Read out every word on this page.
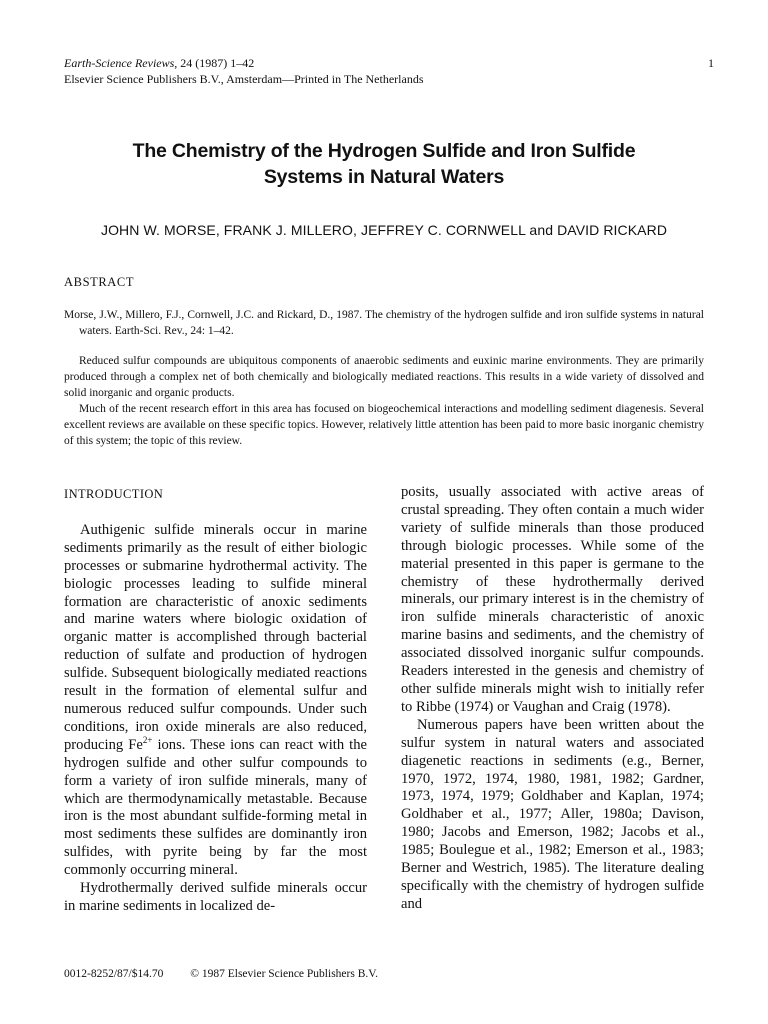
Earth-Science Reviews, 24 (1987) 1–42
Elsevier Science Publishers B.V., Amsterdam—Printed in The Netherlands
1
The Chemistry of the Hydrogen Sulfide and Iron Sulfide
Systems in Natural Waters
JOHN W. MORSE, FRANK J. MILLERO, JEFFREY C. CORNWELL and DAVID RICKARD
ABSTRACT
Morse, J.W., Millero, F.J., Cornwell, J.C. and Rickard, D., 1987. The chemistry of the hydrogen sulfide and iron sulfide systems in natural waters. Earth-Sci. Rev., 24: 1–42.

Reduced sulfur compounds are ubiquitous components of anaerobic sediments and euxinic marine environments. They are primarily produced through a complex net of both chemically and biologically mediated reactions. This results in a wide variety of dissolved and solid inorganic and organic products.

Much of the recent research effort in this area has focused on biogeochemical interactions and modelling sediment diagenesis. Several excellent reviews are available on these specific topics. However, relatively little attention has been paid to more basic inorganic chemistry of this system; the topic of this review.

INTRODUCTION

Authigenic sulfide minerals occur in marine sediments primarily as the result of either biologic processes or submarine hydrothermal activity. The biologic processes leading to sulfide mineral formation are characteristic of anoxic sediments and marine waters where biologic oxidation of organic matter is accomplished through bacterial reduction of sulfate and production of hydrogen sulfide. Subsequent biologically mediated reactions result in the formation of elemental sulfur and numerous reduced sulfur compounds. Under such conditions, iron oxide minerals are also reduced, producing $Fe^{2+}$ ions. These ions can react with the hydrogen sulfide and other sulfur compounds to form a variety of iron sulfide minerals, many of which are thermodynamically metastable. Because iron is the most abundant sulfide-forming metal in most sediments these sulfides are dominantly iron sulfides, with pyrite being by far the most commonly occurring mineral.

Hydrothermally derived sulfide minerals occur in marine sediments in localized de-

posits, usually associated with active areas of crustal spreading. They often contain a much wider variety of sulfide minerals than those produced through biologic processes. While some of the material presented in this paper is germane to the chemistry of these hydrothermally derived minerals, our primary interest is in the chemistry of iron sulfide minerals characteristic of anoxic marine basins and sediments, and the chemistry of associated dissolved inorganic sulfur compounds. Readers interested in the genesis and chemistry of other sulfide minerals might wish to initially refer to Ribbe (1974) or Vaughan and Craig (1978).

Numerous papers have been written about the sulfur system in natural waters and associated diagenetic reactions in sediments (e.g., Berner, 1970, 1972, 1974, 1980, 1981, 1982; Gardner, 1973, 1974, 1979; Goldhaber and Kaplan, 1974; Goldhaber et al., 1977; Aller, 1980a; Davison, 1980; Jacobs and Emerson, 1982; Jacobs et al., 1985; Boulegue et al., 1982; Emerson et al., 1983; Berner and Westrich, 1985). The literature dealing specifically with the chemistry of hydrogen sulfide and

0012-8252/87/$14.70 © 1987 Elsevier Science Publishers B.V.
